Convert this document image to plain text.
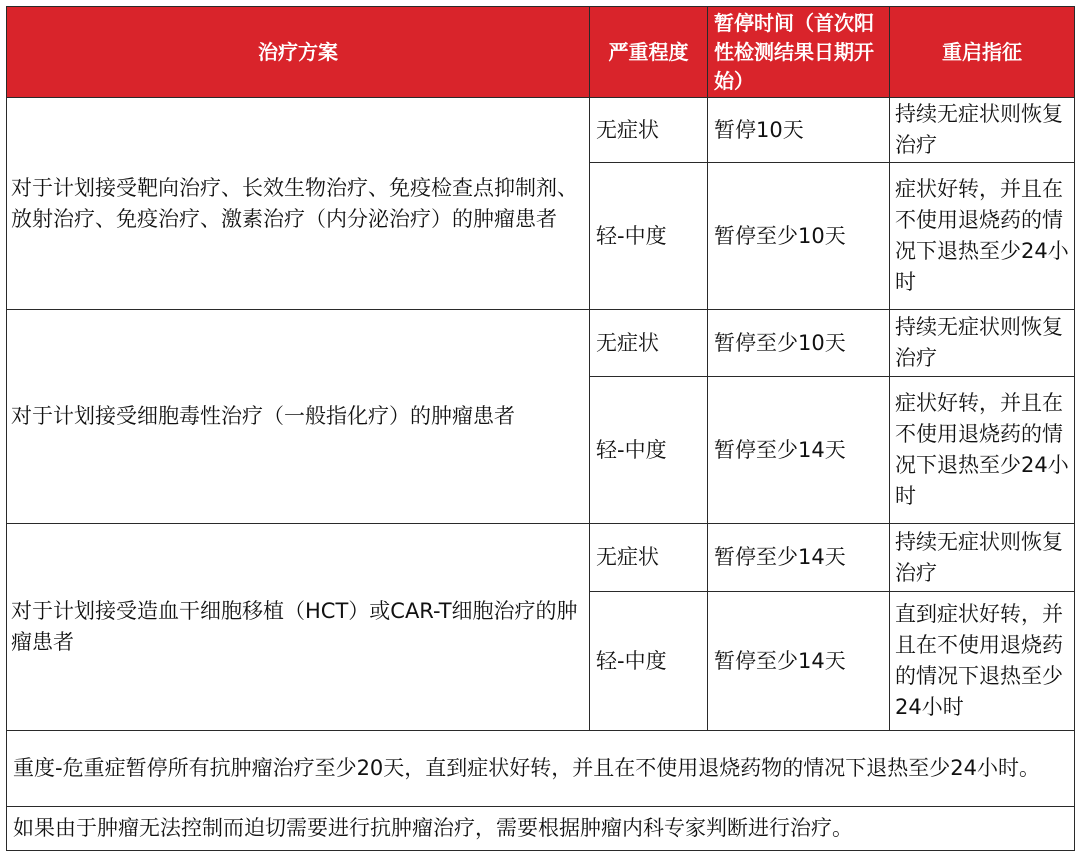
治疗方案	严重程度	暂停时间（首次阳性检测结果日期开始）	重启指征
对于计划接受靶向治疗、长效生物治疗、免疫检查点抑制剂、放射治疗、免疫治疗、激素治疗（内分泌治疗）的肿瘤患者	无症状	暂停10天	持续无症状则恢复治疗
	轻-中度	暂停至少10天	症状好转，并且在不使用退烧药的情况下退热至少24小时
对于计划接受细胞毒性治疗（一般指化疗）的肿瘤患者	无症状	暂停至少10天	持续无症状则恢复治疗
	轻-中度	暂停至少14天	症状好转，并且在不使用退烧药的情况下退热至少24小时
对于计划接受造血干细胞移植（HCT）或CAR-T细胞治疗的肿瘤患者	无症状	暂停至少14天	持续无症状则恢复治疗
	轻-中度	暂停至少14天	直到症状好转，并且在不使用退烧药的情况下退热至少24小时
重度-危重症暂停所有抗肿瘤治疗至少20天，直到症状好转，并且在不使用退烧药物的情况下退热至少24小时。			
如果由于肿瘤无法控制而迫切需要进行抗肿瘤治疗，需要根据肿瘤内科专家判断进行治疗。			
